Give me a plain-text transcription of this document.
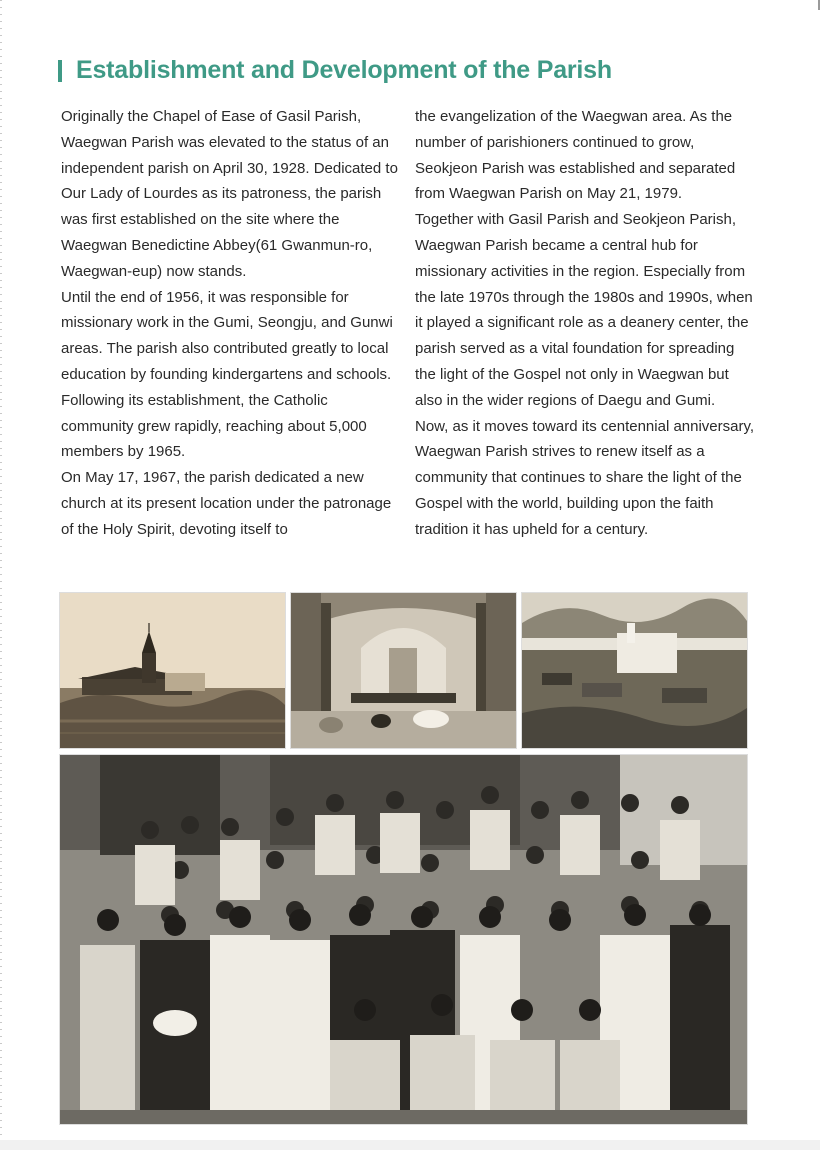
Establishment and Development of the Parish

Originally the Chapel of Ease of Gasil Parish, Waegwan Parish was elevated to the status of an independent parish on April 30, 1928. Dedicated to Our Lady of Lourdes as its patroness, the parish was first established on the site where the Waegwan Benedictine Abbey(61 Gwanmun-ro, Waegwan-eup) now stands.

Until the end of 1956, it was responsible for missionary work in the Gumi, Seongju, and Gunwi areas. The parish also contributed greatly to local education by founding kindergartens and schools. Following its establishment, the Catholic community grew rapidly, reaching about 5,000 members by 1965.

On May 17, 1967, the parish dedicated a new church at its present location under the patronage of the Holy Spirit, devoting itself to

the evangelization of the Waegwan area. As the number of parishioners continued to grow, Seokjeon Parish was established and separated from Waegwan Parish on May 21, 1979.

Together with Gasil Parish and Seokjeon Parish, Waegwan Parish became a central hub for missionary activities in the region. Especially from the late 1970s through the 1980s and 1990s, when it played a significant role as a deanery center, the parish served as a vital foundation for spreading the light of the Gospel not only in Waegwan but also in the wider regions of Daegu and Gumi.

Now, as it moves toward its centennial anniversary, Waegwan Parish strives to renew itself as a community that continues to share the light of the Gospel with the world, building upon the faith tradition it has upheld for a century.
